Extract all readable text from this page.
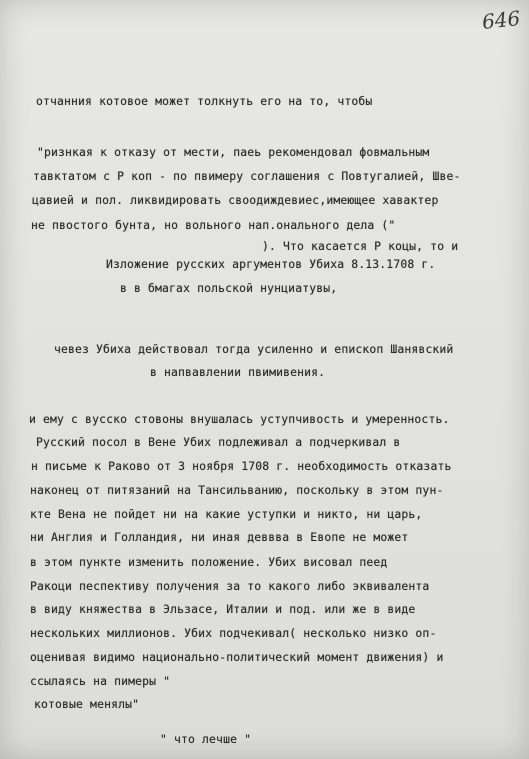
646
отчанния котовое может толкнуть его на то, чтобы
"ризнкая к отказу от мести, паеь рекомендовал фовмальным
тавктатом с Р коп - по пвимеру соглашения с Повтугалией, Шве-
цавией и пол. ликвидировать своодиждевиес,имеющее хавактер
не пвостого бунта, но вольного нап.онального дела ("
). Что касается Р коцы, то и
Изложение русских аргументов Убиха 8.13.1708 г.
в в бмагах польской нунциатувы,
чевез Убиха действовал тогда усиленно и епископ Шанявский
в напвавлении пвимивения.
и ему с вусско стовоны внушалась уступчивость и умеренность.
Русский посол в Вене Убих подлеживал а подчеркивал в
н письме к Раково от 3 ноября 1708 г. необходимость отказать
наконец от питязаний на Тансильванию, поскольку в этом пун-
кте Вена не пойдет ни на какие уступки и никто, ни царь,
ни Англия и Голландия, ни иная деввва в Евопе не может
в этом пункте изменить положение. Убих висовал пеед
Ракоци песпективу получения за то какого либо эквивалента
в виду княжества в Эльзасе, Италии и под. или же в виде
нескольких миллионов. Убих подчекивал( несколько низко оп-
оценивая видимо национально-политический момент движения) и
ссылаясь на пимеры "
котовые менялы"
" что лечше "
